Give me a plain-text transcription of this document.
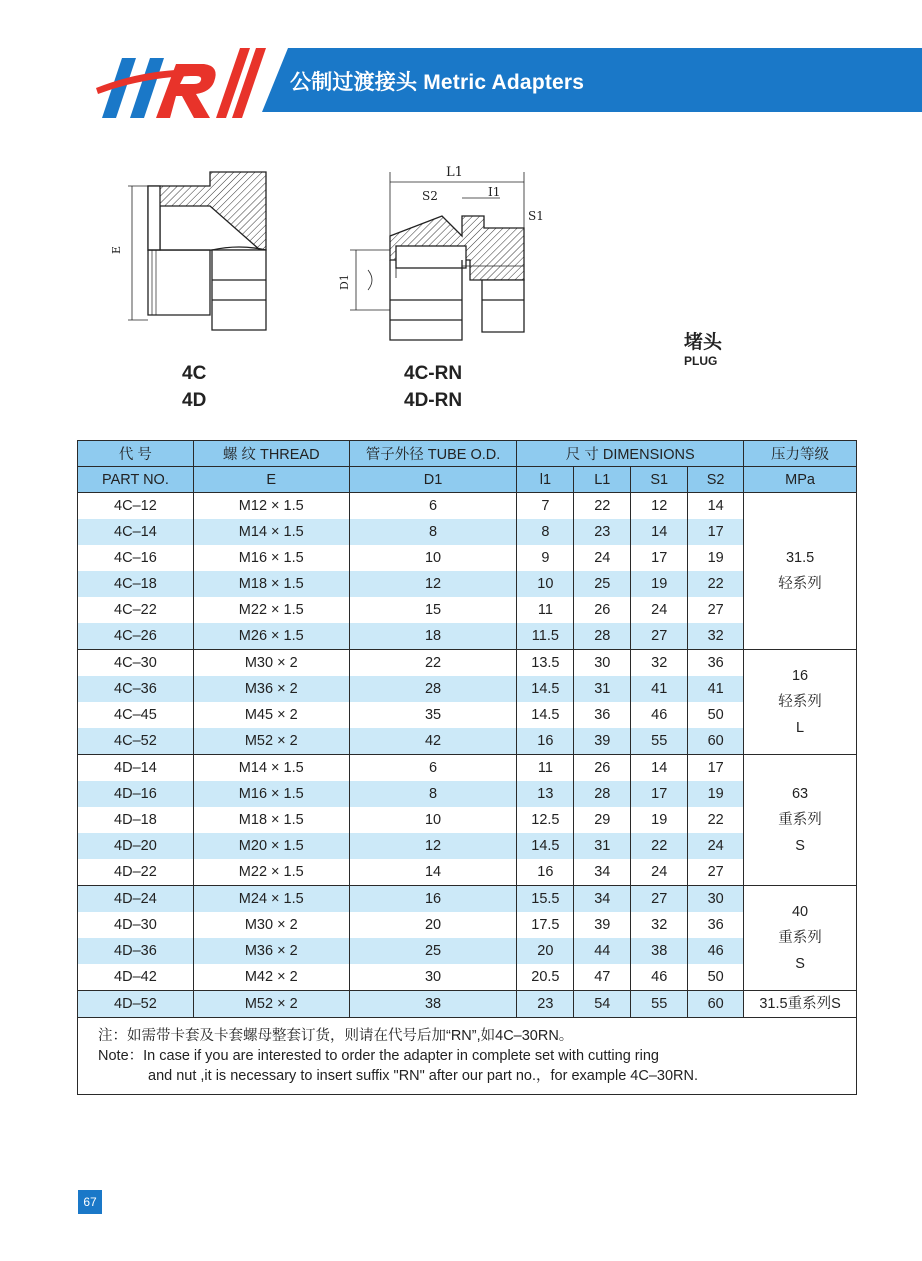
公制过渡接头 Metric Adapters
E
L1
S2	I1
S1
D1
4C
4D
4C-RN
4D-RN
堵头
PLUG
代 号	螺 纹 THREAD	管子外径 TUBE O.D.	尺 寸 DIMENSIONS				压力等级
PART NO.	E	D1	l1	L1	S1	S2	MPa
4C–12	M12 × 1.5	6	7	22	12	14	31.5
轻系列

4C–14	M14 × 1.5	8	8	23	14	17	
4C–16	M16 × 1.5	10	9	24	17	19	
4C–18	M18 × 1.5	12	10	25	19	22	
4C–22	M22 × 1.5	15	11	26	24	27	
4C–26	M26 × 1.5	18	11.5	28	27	32	
4C–30	M30 × 2	22	13.5	30	32	36	16
轻系列
L

4C–36	M36 × 2	28	14.5	31	41	41	
4C–45	M45 × 2	35	14.5	36	46	50	
4C–52	M52 × 2	42	16	39	55	60	
4D–14	M14 × 1.5	6	11	26	14	17	63
重系列
S

4D–16	M16 × 1.5	8	13	28	17	19	
4D–18	M18 × 1.5	10	12.5	29	19	22	
4D–20	M20 × 1.5	12	14.5	31	22	24	
4D–22	M22 × 1.5	14	16	34	24	27	
4D–24	M24 × 1.5	16	15.5	34	27	30	40
重系列
S

4D–30	M30 × 2	20	17.5	39	32	36	
4D–36	M36 × 2	25	20	44	38	46	
4D–42	M42 × 2	30	20.5	47	46	50	
4D–52	M52 × 2	38	23	54	55	60	31.5重系列S

注：如需带卡套及卡套螺母整套订货，则请在代号后加“RN”,如4C–30RN。
Note：In case if you are interested to order the adapter in complete set with cutting ring
and nut ,it is necessary to insert suffix "RN" after our part no.，for example 4C–30RN.							
67
